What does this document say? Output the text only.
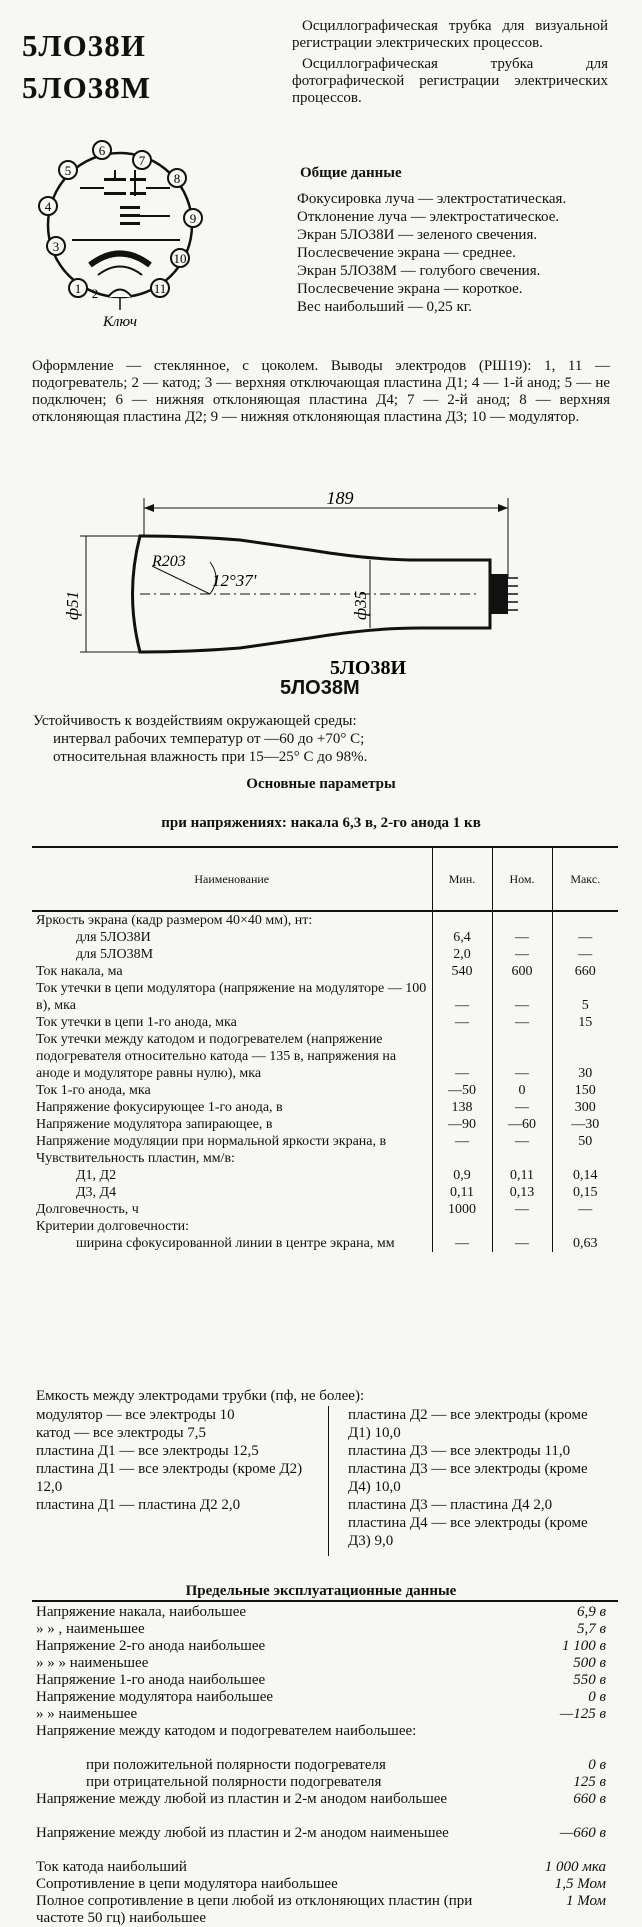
5ЛО38И
5ЛО38М

Осциллографическая трубка для визуальной регистрации электрических процессов.

Осциллографическая трубка для фотографической регистрации электрических процессов.

1
3
4
5
6
7
8
9
10
11
2
Ключ
Общие данные
Фокусировка луча — электростатическая.
Отклонение луча — электростатическое.
Экран 5ЛО38И — зеленого свечения.
Послесвечение экрана — среднее.
Экран 5ЛО38М — голубого свечения.
Послесвечение экрана — короткое.
Вес наибольший — 0,25 кг.
Оформление — стеклянное, с цоколем. Выводы электродов (РШ19): 1, 11 — подогреватель; 2 — катод; 3 — верхняя отключающая пластина Д1; 4 — 1-й анод; 5 — не подключен; 6 — нижняя отклоняющая пластина Д4; 7 — 2-й анод; 8 — верхняя отклоняющая пластина Д2; 9 — нижняя отклоняющая пластина Д3; 10 — модулятор.
189
ф51
R203
12°37'
ф35
5ЛО38И
5ЛО38М
Устойчивость к воздействиям окружающей среды:
интервал рабочих температур от —60 до +70° С;
относительная влажность при 15—25° С до 98%.
Основные параметры
при напряжениях: накала 6,3 в, 2-го анода 1 кв
Наименование	Мин.	Ном.	Макс.
Яркость экрана (кадр размером 40×40 мм), нт:			
для 5ЛО38И	6,4	—	—
для 5ЛО38М	2,0	—	—
Ток накала, ма	540	600	660
Ток утечки в цепи модулятора (напряжение на модуляторе — 100 в), мка	—	—	5
Ток утечки в цепи 1-го анода, мка	—	—	15
Ток утечки между катодом и подогревателем (напряжение подогревателя относительно катода — 135 в, напряжения на аноде и модуляторе равны нулю), мка	—	—	30
Ток 1-го анода, мка	—50	0	150
Напряжение фокусирующее 1-го анода, в	138	—	300
Напряжение модулятора запирающее, в	—90	—60	—30
Напряжение модуляции при нормальной яркости экрана, в	—	—	50
Чувствительность пластин, мм/в:			
Д1, Д2	0,9	0,11	0,14
Д3, Д4	0,11	0,13	0,15
Долговечность, ч	1000	—	—
Критерии долговечности:			
ширина сфокусированной линии в центре экрана, мм	—	—	0,63
Емкость между электродами трубки (пф, не более):
модулятор — все электроды 10
катод — все электроды 7,5
пластина Д1 — все электроды 12,5
пластина Д1 — все электроды (кроме Д2) 12,0
пластина Д1 — пластина Д2 2,0
пластина Д2 — все электроды (кроме Д1) 10,0
пластина Д3 — все электроды 11,0
пластина Д3 — все электроды (кроме Д4) 10,0
пластина Д3 — пластина Д4 2,0
пластина Д4 — все электроды (кроме Д3) 9,0
Предельные эксплуатационные данные
Напряжение накала, наибольшее	6,9 в
» » , наименьшее	5,7 в
Напряжение 2-го анода наибольшее	1 100 в
» » » наименьшее	500 в
Напряжение 1-го анода наибольшее	550 в
Напряжение модулятора наибольшее	0 в
» » наименьшее	—125 в
Напряжение между катодом и подогревателем наибольшее:
при положительной полярности подогревателя	0 в
при отрицательной полярности подогревателя	125 в
Напряжение между любой из пластин и 2-м анодом наибольшее	660 в
Напряжение между любой из пластин и 2-м анодом наименьшее	—660 в
Ток катода наибольший	1 000 мка
Сопротивление в цепи модулятора наибольшее	1,5 Мом
Полное сопротивление в цепи любой из отклоняющих пластин (при частоте 50 гц) наибольшее
1 Мом
